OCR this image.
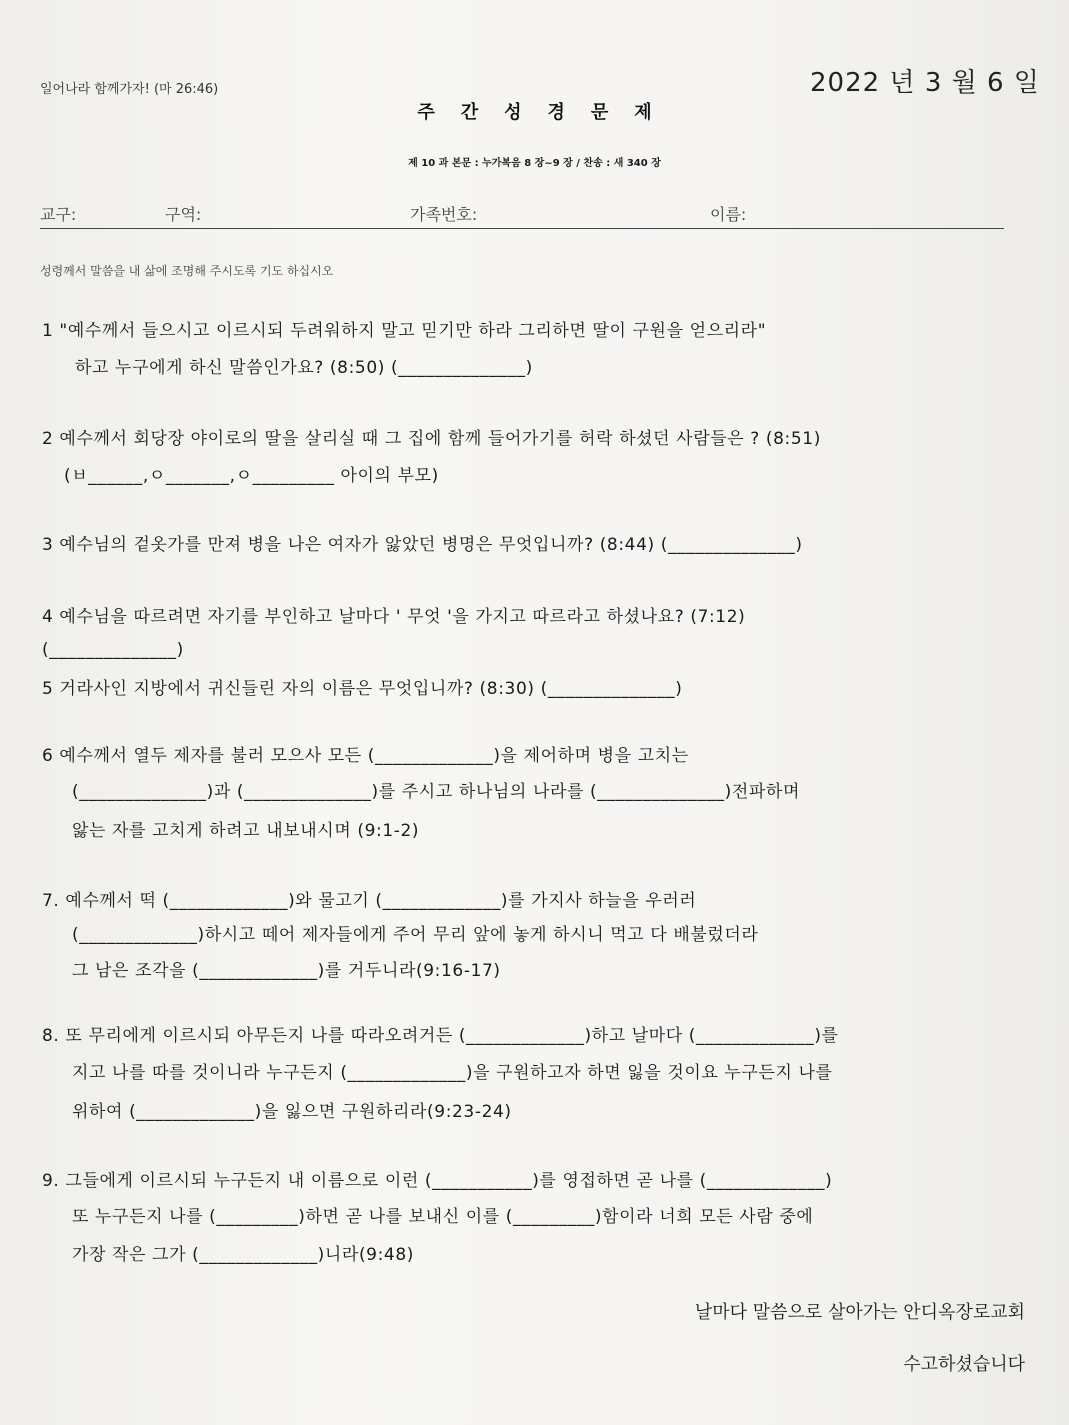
일어나라 함께가자! (마 26:46)	2022 년 3 월 6 일
주간성경문제
제 10 과 본문 : 누가복음 8 장~9 장 / 찬송 : 새 340 장
교구:	구역:	가족번호:	이름:
성령께서 말씀을 내 삶에 조명해 주시도록 기도 하십시오
1 "예수께서 들으시고 이르시되 두려워하지 말고 믿기만 하라 그리하면 딸이 구원을 얻으리라"
하고 누구에게 하신 말씀인가요? (8:50) (______________)
2 예수께서 회당장 야이로의 딸을 살리실 때 그 집에 함께 들어가기를 허락 하셨던 사람들은 ? (8:51)
(ㅂ______,ㅇ_______,ㅇ_________ 아이의 부모)
3 예수님의 겉옷가를 만져 병을 나은 여자가 앓았던 병명은 무엇입니까? (8:44) (______________)
4 예수님을 따르려면 자기를 부인하고 날마다 ' 무엇 '을 가지고 따르라고 하셨나요? (7:12)
(______________)
5 거라사인 지방에서 귀신들린 자의 이름은 무엇입니까? (8:30) (______________)
6 예수께서 열두 제자를 불러 모으사 모든 (_____________)을 제어하며 병을 고치는
(______________)과 (______________)를 주시고 하나님의 나라를 (______________)전파하며
앓는 자를 고치게 하려고 내보내시며 (9:1-2)
7. 예수께서 떡 (_____________)와 물고기 (_____________)를 가지사 하늘을 우러러
(_____________)하시고 떼어 제자들에게 주어 무리 앞에 놓게 하시니 먹고 다 배불렀더라
그 남은 조각을 (_____________)를 거두니라(9:16-17)
8. 또 무리에게 이르시되 아무든지 나를 따라오려거든 (_____________)하고 날마다 (_____________)를
지고 나를 따를 것이니라 누구든지 (_____________)을 구원하고자 하면 잃을 것이요 누구든지 나를
위하여 (_____________)을 잃으면 구원하리라(9:23-24)
9. 그들에게 이르시되 누구든지 내 이름으로 이런 (___________)를 영접하면 곧 나를 (_____________)
또 누구든지 나를 (_________)하면 곧 나를 보내신 이를 (_________)함이라 너희 모든 사람 중에
가장 작은 그가 (_____________)니라(9:48)
날마다 말씀으로 살아가는 안디옥장로교회
수고하셨습니다
